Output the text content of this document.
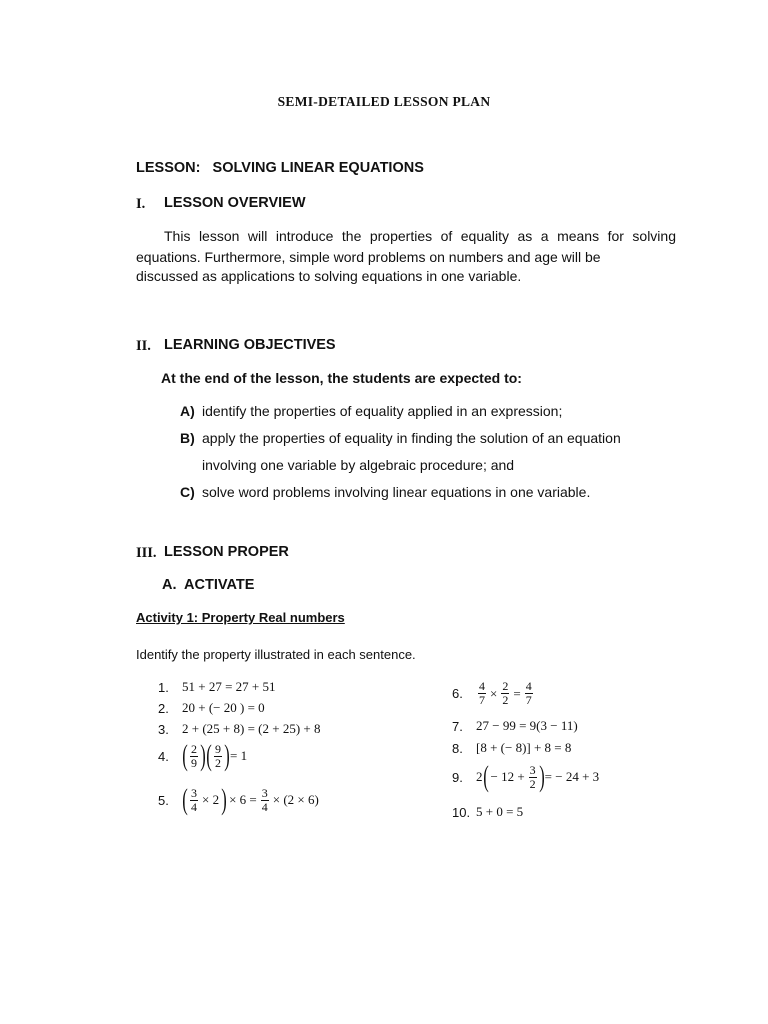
SEMI-DETAILED LESSON PLAN
LESSON: SOLVING LINEAR EQUATIONS
I. LESSON OVERVIEW
This lesson will introduce the properties of equality as a means for solving equations. Furthermore, simple word problems on numbers and age will be
discussed as applications to solving equations in one variable.
II. LEARNING OBJECTIVES
At the end of the lesson, the students are expected to:
A) identify the properties of equality applied in an expression;
B) apply the properties of equality in finding the solution of an equation
involving one variable by algebraic procedure; and
C) solve word problems involving linear equations in one variable.
III. LESSON PROPER
A. ACTIVATE
Activity 1: Property Real numbers
Identify the property illustrated in each sentence.
1.	51 + 27 = 27 + 51
2.	20 + (− 20 ) = 0
3.	2 + (25 + 8) = (2 + 25) + 8
4. ( $\frac{2}{9}$ ) ( $\frac{9}{2}$ ) = 1
5. ( $\frac{3}{4} \times 2$ ) × $6 = \frac{3}{4} \times (2 \times 6)$
6.	$\frac{4}{7} \times \frac{2}{2} = \frac{4}{7}$
7.	27 − 99 = 9(3 − 11)
8.	[8 + (− 8)] + 8 = 8
9.	2 ( − $12 + \frac{3}{2}$ ) = − 24 + 3
10. 5 + 0 = 5
